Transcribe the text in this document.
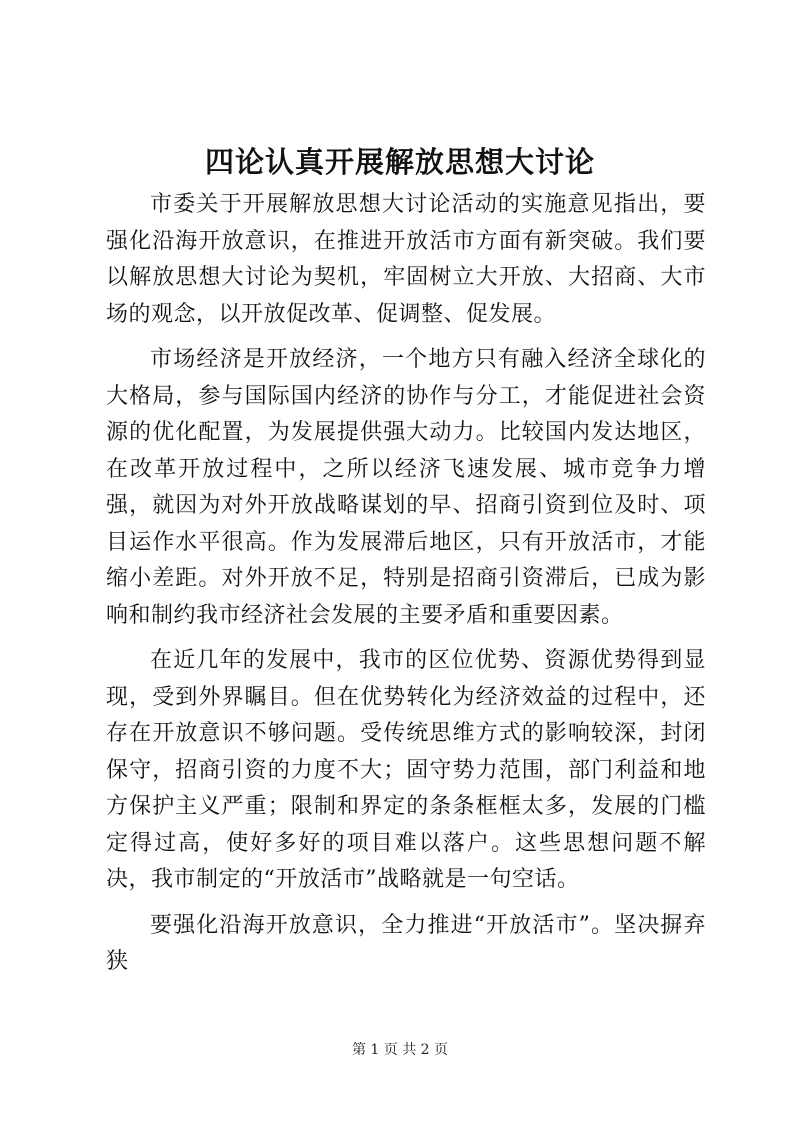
四论认真开展解放思想大讨论

市委关于开展解放思想大讨论活动的实施意见指出，要强化沿海开放意识，在推进开放活市方面有新突破。我们要以解放思想大讨论为契机，牢固树立大开放、大招商、大市场的观念，以开放促改革、促调整、促发展。

市场经济是开放经济，一个地方只有融入经济全球化的大格局，参与国际国内经济的协作与分工，才能促进社会资源的优化配置，为发展提供强大动力。比较国内发达地区，在改革开放过程中，之所以经济飞速发展、城市竞争力增强，就因为对外开放战略谋划的早、招商引资到位及时、项目运作水平很高。作为发展滞后地区，只有开放活市，才能缩小差距。对外开放不足，特别是招商引资滞后，已成为影响和制约我市经济社会发展的主要矛盾和重要因素。

在近几年的发展中，我市的区位优势、资源优势得到显现，受到外界瞩目。但在优势转化为经济效益的过程中，还存在开放意识不够问题。受传统思维方式的影响较深，封闭保守，招商引资的力度不大；固守势力范围，部门利益和地方保护主义严重；限制和界定的条条框框太多，发展的门槛定得过高，使好多好的项目难以落户。这些思想问题不解决，我市制定的“开放活市”战略就是一句空话。

要强化沿海开放意识，全力推进“开放活市”。坚决摒弃狭

第 1 页 共 2 页
